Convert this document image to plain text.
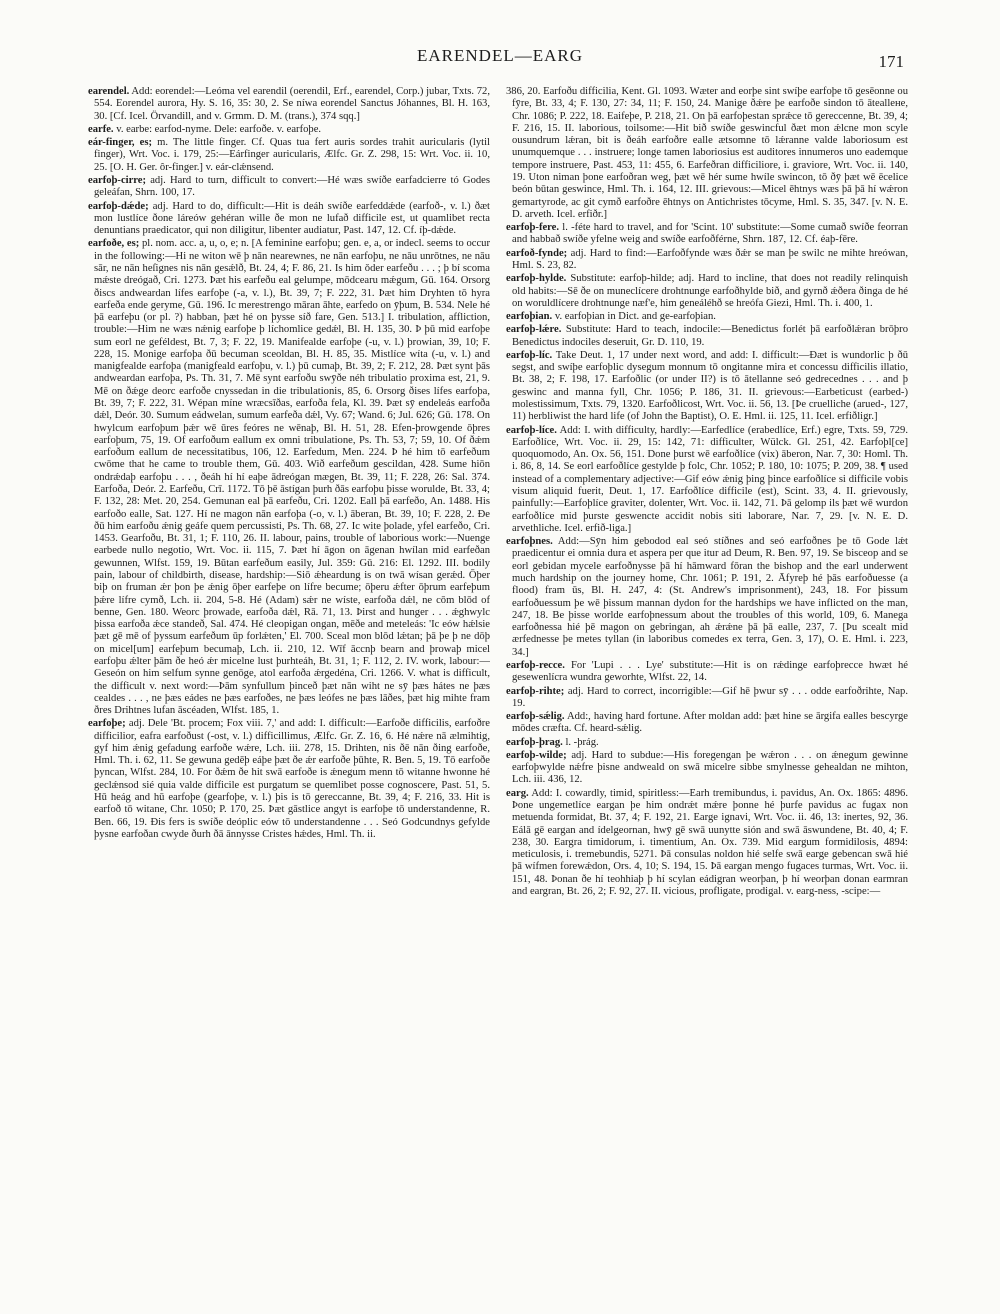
EARENDEL—EARG	171

earendel. Add: eorendel:—Leóma vel earendil (oerendil, Erf., earendel, Corp.) jubar, Txts. 72, 554. Eorendel aurora, Hy. S. 16, 35: 30, 2. Se níwa eorendel Sanctus Jóhannes, Bl. H. 163, 30. [Cf. Icel. Örvandill, and v. Grmm. D. M. (trans.), 374 sqq.]

earfe. v. earbe: earfod-nyme. Dele: earfoðe. v. earfoþe.

eár-finger, es; m. The little finger. Cf. Quas tua fert auris sordes trahit auricularis (lytil finger), Wrt. Voc. i. 179, 25:—Eárfinger auricularis, Ælfc. Gr. Z. 298, 15: Wrt. Voc. ii. 10, 25. [O. H. Ger. ôr-finger.] v. eár-clǽnsend.

earfoþ-cirre; adj. Hard to turn, difficult to convert:—Hé wæs swíðe earfadcierre tó Godes geleáfan, Shrn. 100, 17.

earfoþ-dǽde; adj. Hard to do, difficult:—Hit is deáh swíðe earfeddǽde (earfoð-, v. l.) ðæt mon lustlíce ðone láreów gehéran wille ðe mon ne lufað difficile est, ut quamlibet recta denuntians praedicator, qui non diligitur, libenter audiatur, Past. 147, 12. Cf. íþ-dǽde.

earfoðe, es; pl. nom. acc. a, u, o, e; n. [A feminine earfoþu; gen. e, a, or indecl. seems to occur in the following:—Hi ne witon wē þ nān nearewnes, ne nān earfoþu, ne nāu unrōtnes, ne nāu sār, ne nān heſignes nis nān gesǽlð, Bt. 24, 4; F. 86, 21. Is him ǒder earfeðu . . . ; þ bí scoma mǽste dreógað, Cri. 1273. Þæt his earfeðu eal gelumpe, mōdcearu mǽgum, Gū. 164. Orsorg ðiscs andweardan lífes earfoþe (-a, v. l.), Bt. 39, 7; F. 222, 31. Þæt him Dryhten tō hyra earfeða ende geryme, Gū. 196. Ic merestrengo māran āhte, earfedo on ȳþum, B. 534. Nele hé þā earfeþu (or pl. ?) habban, þæt hé on þysse síð fare, Gen. 513.] I. tribulation, affliction, trouble:—Him ne wæs nǽnig earfoþe þ líchomlice gedǽl, Bl. H. 135, 30. Þ þū mid earfoþe sum eorl ne geféldest, Bt. 7, 3; F. 22, 19. Manifealde earfoþe (-u, v. l.) þrowian, 39, 10; F. 228, 15. Monige earfoþa ðū becuman sceoldan, Bl. H. 85, 35. Mistlíce wíta (-u, v. l.) and manigfealde earfoþa (manigfeald earfoþu, v. l.) þū cumaþ, Bt. 39, 2; F. 212, 28. Þæt synt þās andweardan earfoþa, Ps. Th. 31, 7. Mē synt earfoðu swȳðe néh tribulatio proxima est, 21, 9. Mē on ðǽge deorc earfoðe cnyssedan in die tribulationis, 85, 6. Orsorg ðises lífes earfoþa, Bt. 39, 7; F. 222, 31. Wépan míne wræcsīðas, earfoða fela, Kl. 39. Þæt sȳ endeleás earfoða dǽl, Deór. 30. Sumum eádwelan, sumum earfeða dǽl, Vy. 67; Wand. 6; Jul. 626; Gū. 178. On hwylcum earfoþum þǽr wē ūres feóres ne wēnaþ, Bl. H. 51, 28. Efen-þrowgende ōþres earfoþum, 75, 19. Of earfoðum eallum ex omni tribulatione, Ps. Th. 53, 7; 59, 10. Of ðǽm earfoðum eallum de necessitatibus, 106, 12. Earfedum, Men. 224. Þ hé him tō earfeðum cwōme that he came to trouble them, Gū. 403. Wið earfeðum gescildan, 428. Sume hiōn ondrǽdaþ earfoþu . . . , ðeáh hí hí eaþe ādreógan mægen, Bt. 39, 11; F. 228, 26: Sal. 374. Earfoða, Deór. 2. Earfeðu, Crī. 1172. Tō þē āstígan þurh ðās earfoþu þisse worulde, Bt. 33, 4; F. 132, 28: Met. 20, 254. Gemunan eal þā earfeðu, Cri. 1202. Eall þā earfeðo, An. 1488. His earfoðo ealle, Sat. 127. Hí ne magon nān earfoþa (-o, v. l.) āberan, Bt. 39, 10; F. 228, 2. Ðe ðū him earfoðu ǽnig geáfe quem percussisti, Ps. Th. 68, 27. Ic wite þolade, yfel earfeðo, Cri. 1453. Gearfoðu, Bt. 31, 1; F. 110, 26. II. labour, pains, trouble of laborious work:—Nuenge earbede nullo negotio, Wrt. Voc. ii. 115, 7. Þæt hí āgon on āgenan hwílan mid earfeðan gewunnen, Wlfst. 159, 19. Būtan earfeðum easily, Jul. 359: Gū. 216: El. 1292. III. bodily pain, labour of childbirth, disease, hardship:—Siō ǽheardung is on twā wísan gerǽd. Ōþer biþ on fruman ǽr þon þe ǽnig ōþer earfeþe on lífre becume; ōþeru ǽfter ōþrum earfeþum þǽre lífre cymð, Lch. ii. 204, 5-8. Hé (Adam) sǽr ne wíste, earfoða dǽl, ne cōm blōd of benne, Gen. 180. Weorc þrowade, earfoða dǽl, Rā. 71, 13. Þirst and hunger . . . ǽghwylc þissa earfoða ǽce standeð, Sal. 474. Hé cleopigan ongan, mēðe and meteleás: 'Ic eów hǽlsie þæt gē mē of þyssum earfeðum ūp forlǽten,' El. 700. Sceal mon blōd lǽtan; þā þe þ ne dōþ on micel[um] earfeþum becumaþ, Lch. ii. 210, 12. Wīf āccnþ bearn and þrowaþ micel earfoþu ǽlter þām ðe heó ǽr micelne lust þurhteáh, Bt. 31, 1; F. 112, 2. IV. work, labour:—Geseón on him selfum synne genōge, atol earfoða ǽrgedéna, Cri. 1266. V. what is difficult, the difficult v. next word:—Þām synfullum þinceð þæt nān wiht ne sȳ þæs hátes ne þæs cealdes . . . , ne þæs eádes ne þæs earfoðes, ne þæs leófes ne þæs lāðes, þæt hig mihte fram ðres Drihtnes lufan āscéaden, Wlfst. 185, 1.

earfoþe; adj. Dele 'Bt. procem; Fox viii. 7,' and add: I. difficult:—Earfoðe difficilis, earfoðre difficilior, eafra earfoðust (-ost, v. l.) difficillimus, Ælfc. Gr. Z. 16, 6. Hé nǽre nā ælmihtig, gyf him ǽnig gefadung earfoðe wǽre, Lch. iii. 278, 15. Drihten, nis ðē nān ðing earfoðe, Hml. Th. i. 62, 11. Se gewuna gedēþ eáþe þæt ðe ǽr earfoðe þūhte, R. Ben. 5, 19. Tō earfoðe þyncan, Wlfst. 284, 10. For ðǽm ðe hit swā earfoðe is ǽnegum menn tō witanne hwonne hé geclǽnsod sié quia valde difficile est purgatum se quemlibet posse cognoscere, Past. 51, 5. Hū heág and hū earfoþe (gearfoþe, v. l.) þis is tō gereccanne, Bt. 39, 4; F. 216, 33. Hit is earfoð tō witane, Chr. 1050; P. 170, 25. Þæt gāstlice angyt is earfoþe tō understandenne, R. Ben. 66, 19. Ðis fers is swíðe deóplic eów tō understandenne . . . Seó Godcundnys gefylde þysne earfoðan cwyde ðurh ðā ānnysse Cristes hǽdes, Hml. Th. ii.

386, 20. Earfoðu difficilia, Kent. Gl. 1093. Wæter and eorþe sint swíþe earfoþe tō gesēonne ou fȳre, Bt. 33, 4; F. 130, 27: 34, 11; F. 150, 24. Manige ðǽre þe earfoðe sindon tō ātealleне, Chr. 1086; P. 222, 18. Eaifeþe, P. 218, 21. On þā earfoþestan sprǽce tō gereccenne, Bt. 39, 4; F. 216, 15. II. laborious, toilsome:—Hit bið swíðe geswincful ðæt mon ǽlcne mon scyle ousundrum lǽran, bit is ðeáh earfoðre ealle ætsomne tō lǽranne valde laboriosum est unumquemque . . . instruere; longe tamen laboriosius est auditores innumeros uno eademque tempore instruere, Past. 453, 11: 455, 6. Earfeðran difficiliore, i. graviore, Wrt. Voc. ii. 140, 19. Uton niman þone earfoðran weg, þæt wē hér sume hwíle swincon, tō ðȳ þæt wē ēcelice beón būtan geswince, Hml. Th. i. 164, 12. III. grievous:—Micel ēhtnys wæs þā þā hí wǽron gemartyrode, ac git cymð earfoðre ēhtnys on Antichristes tōcyme, Hml. S. 35, 347. [v. N. E. D. arveth. Icel. erfiðr.]

earfoþ-fere. l. -féte hard to travel, and for 'Scint. 10' substitute:—Some cumað swíðe feorran and habbað swíðe yfelne weig and swíðe earfoðférne, Shrn. 187, 12. Cf. éaþ-fēre.

earfoð-fynde; adj. Hard to find:—Earfoðfynde wæs ðǽr se man þe swilc ne mihte hreówan, Hml. S. 23, 82.

earfoþ-hylde. Substitute: earfoþ-hilde; adj. Hard to incline, that does not readily relinquish old habits:—Sē ðe on muneclícere drohtnunge earfoðhylde bið, and gyrnð ǽðera ðinga de hé on woruldlícere drohtnunge næf'e, him geneáléhð se hreófa Giezi, Hml. Th. i. 400, 1.

earfoþian. v. earfoþian in Dict. and ge-earfoþian.

earfoþ-lǽre. Substitute: Hard to teach, indocile:—Benedictus forlét þā earfoðlǽran brōþro Benedictus indociles deseruit, Gr. D. 110, 19.

earfoþ-líc. Take Deut. 1, 17 under next word, and add: I. difficult:—Ðæt is wundorlic þ ðū segst, and swíþe earfoþlic dysegum monnum tō ongitanne mira et concessu difficilis illatio, Bt. 38, 2; F. 198, 17. Earfoðlic (or under II?) is tō ātellanne seó gedrecednes . . . and þ geswinc and manna fyll, Chr. 1056; P. 186, 31. II. grievous:—Earbeticust (earbed-) molestissimum, Txts. 79, 1320. Earfoðlicost, Wrt. Voc. ii. 56, 13. [Þe cruelliche (arued-, 127, 11) herbliwist the hard life (of John the Baptist), O. E. Hml. ii. 125, 11. Icel. erfiðligr.]

earfoþ-líce. Add: I. with difficulty, hardly:—Earfedlíce (erabedlíce, Erf.) egre, Txts. 59, 729. Earfoðlíce, Wrt. Voc. ii. 29, 15: 142, 71: difficulter, Wülck. Gl. 251, 42. Earfoþl[ce] quoquomodo, An. Ox. 56, 151. Done þurst wē earfoðlíce (vix) āberon, Nar. 7, 30: Homl. Th. i. 86, 8, 14. Se eorl earfoðlíce gestylde þ folc, Chr. 1052; P. 180, 10: 1075; P. 209, 38. ¶ used instead of a complementary adjective:—Gif eów ǽnig þing þince earfoðlíce si difficile vobis visum aliquid fuerit, Deut. 1, 17. Earfoðlíce difficile (est), Scint. 33, 4. II. grievously, painfully:—Earfoþlíce graviter, dolenter, Wrt. Voc. ii. 142, 71. Þā gelomp ils þæt wē wurdon earfoðlíce mid þurste geswencte accidit nobis siti laborare, Nar. 7, 29. [v. N. E. D. arvethliche. Icel. erfið-liga.]

earfoþnes. Add:—Sȳn him gebodod eal seó stíðnes and seó earfoðnes þe tō Gode lǽt praedicentur ei omnia dura et aspera per que itur ad Deum, R. Ben. 97, 19. Se bisceop and se eorl gebidan mycele earfoðnysse þā hí hāmward fōran the bishop and the earl underwent much hardship on the journey home, Chr. 1061; P. 191, 2. Āfyreþ hé þās earfoðuesse (a flood) fram ūs, Bl. H. 247, 4: (St. Andrew's imprisonment), 243, 18. For þissum earfoðuessum þe wē þissum mannan dydon for the hardships we have inflicted on the man, 247, 18. Be þisse worlde earfoþnessum about the troubles of this world, 109, 6. Manega earfoðnessa hié þē magon on gebringan, ah ǽrǽne þā þā ealle, 237, 7. [Þu scealt mid ærfednesse þe metes tyllan (in laboribus comedes ex terra, Gen. 3, 17), O. E. Hml. i. 223, 34.]

earfoþ-recce. For 'Lupi . . . Lye' substitute:—Hit is on rǽdinge earfoþrecce hwæt hé gesewenlícra wundra geworhte, Wlfst. 22, 14.

earfoþ-rihte; adj. Hard to correct, incorrigible:—Gif hē þwur sȳ . . . odde earfoðrihte, Nap. 19.

earfoþ-sǽlig. Add:, having hard fortune. After moldan add: þæt hine se ārgifa ealles bescyrge mōdes cræfta. Cf. heard-sǽlig.

earfoþ-þrag. l. -þrág.

earfoþ-wilde; adj. Hard to subdue:—His foregengan þe wǽron . . . on ǽnegum gewinne earfoþwylde nǽfre þisne andweald on swā micelre sibbe smylnesse gehealdan ne mihton, Lch. iii. 436, 12.

earg. Add: I. cowardly, timid, spiritless:—Earh tremibundus, i. pavidus, An. Ox. 1865: 4896. Þone ungemetlíce eargan þe him ondrǽt mǽre þonne hé þurfe pavidus ac fugax non metuenda formidat, Bt. 37, 4; F. 192, 21. Earge ignavi, Wrt. Voc. ii. 46, 13: inertes, 92, 36. Eálā gē eargan and ídelgeornan, hwȳ gē swā uunytte sión and swā āswundene, Bt. 40, 4; F. 238, 30. Eargra timidorum, i. timentium, An. Ox. 739. Mid eargum formidilosis, 4894: meticulosis, i. tremebundis, 5271. Þā consulas noldon hié selfe swā earge gebencan swā hié þā wífmen forewǽdon, Ors. 4, 10; S. 194, 15. Þā eargan mengo fugaces turmas, Wrt. Voc. ii. 151, 48. Þonan ðe hí teohhiaþ þ hí scylan eádigran weorþan, þ hí weorþan donan earmran and eargran, Bt. 26, 2; F. 92, 27. II. vicious, profligate, prodigal. v. earg-ness, -scipe:—
